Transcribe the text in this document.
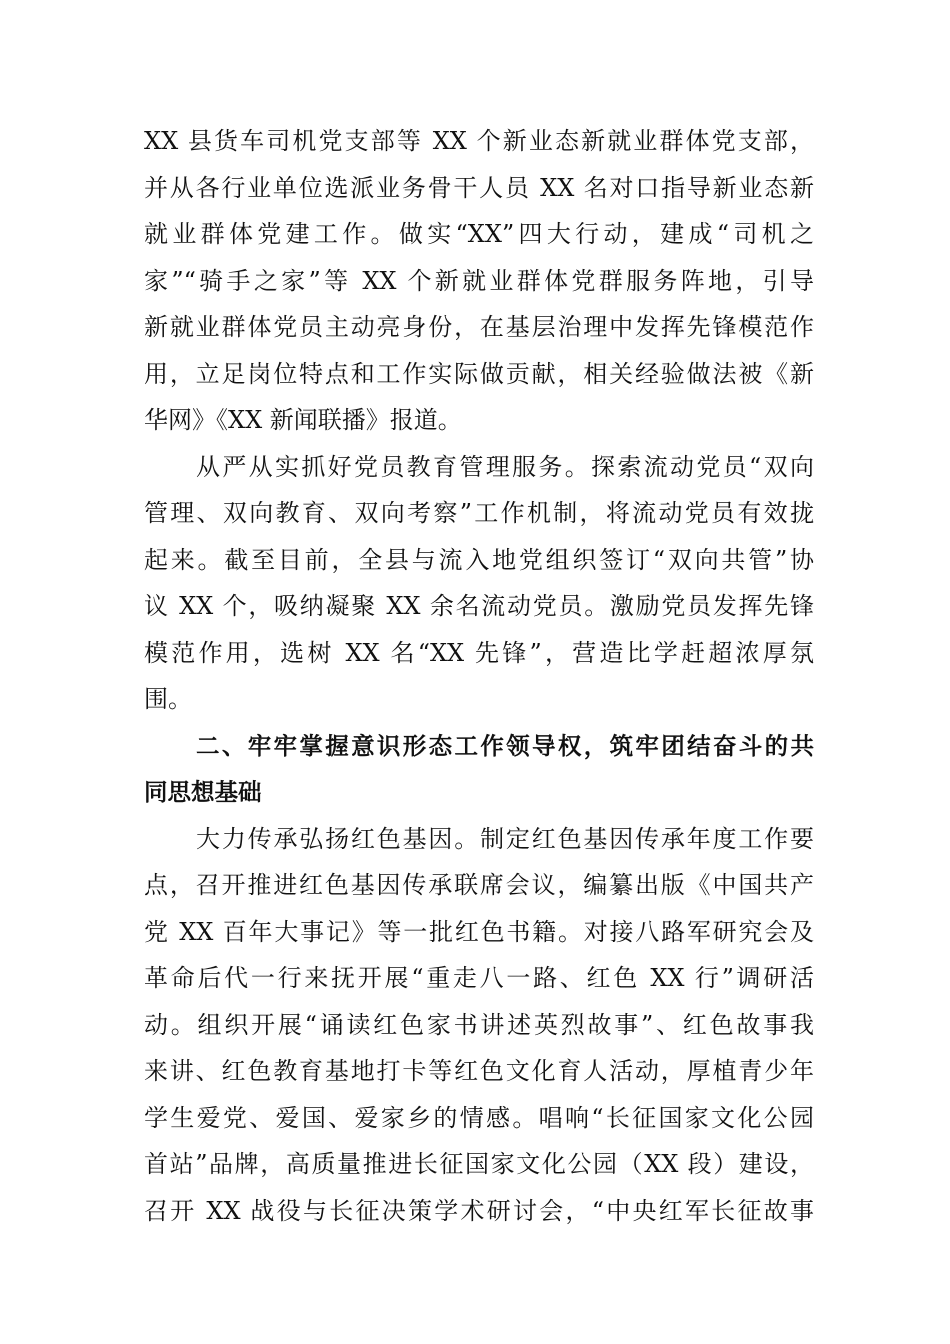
XX 县货车司机党支部等 XX 个新业态新就业群体党支部，
并从各行业单位选派业务骨干人员 XX 名对口指导新业态新
就业群体党建工作。做实“XX”四大行动，建成“司机之
家”“骑手之家”等 XX 个新就业群体党群服务阵地，引导
新就业群体党员主动亮身份，在基层治理中发挥先锋模范作
用，立足岗位特点和工作实际做贡献，相关经验做法被《新
华网》《XX 新闻联播》报道。
从严从实抓好党员教育管理服务。探索流动党员“双向
管理、双向教育、双向考察”工作机制，将流动党员有效拢
起来。截至目前，全县与流入地党组织签订“双向共管”协
议 XX 个，吸纳凝聚 XX 余名流动党员。激励党员发挥先锋
模范作用，选树 XX 名“XX 先锋”，营造比学赶超浓厚氛
围。
二、牢牢掌握意识形态工作领导权，筑牢团结奋斗的共
同思想基础
大力传承弘扬红色基因。制定红色基因传承年度工作要
点，召开推进红色基因传承联席会议，编纂出版《中国共产
党 XX 百年大事记》等一批红色书籍。对接八路军研究会及
革命后代一行来抚开展“重走八一路、红色 XX 行”调研活
动。组织开展“诵读红色家书讲述英烈故事”、红色故事我
来讲、红色教育基地打卡等红色文化育人活动，厚植青少年
学生爱党、爱国、爱家乡的情感。唱响“长征国家文化公园
首站”品牌，高质量推进长征国家文化公园（XX 段）建设，
召开 XX 战役与长征决策学术研讨会，“中央红军长征故事
